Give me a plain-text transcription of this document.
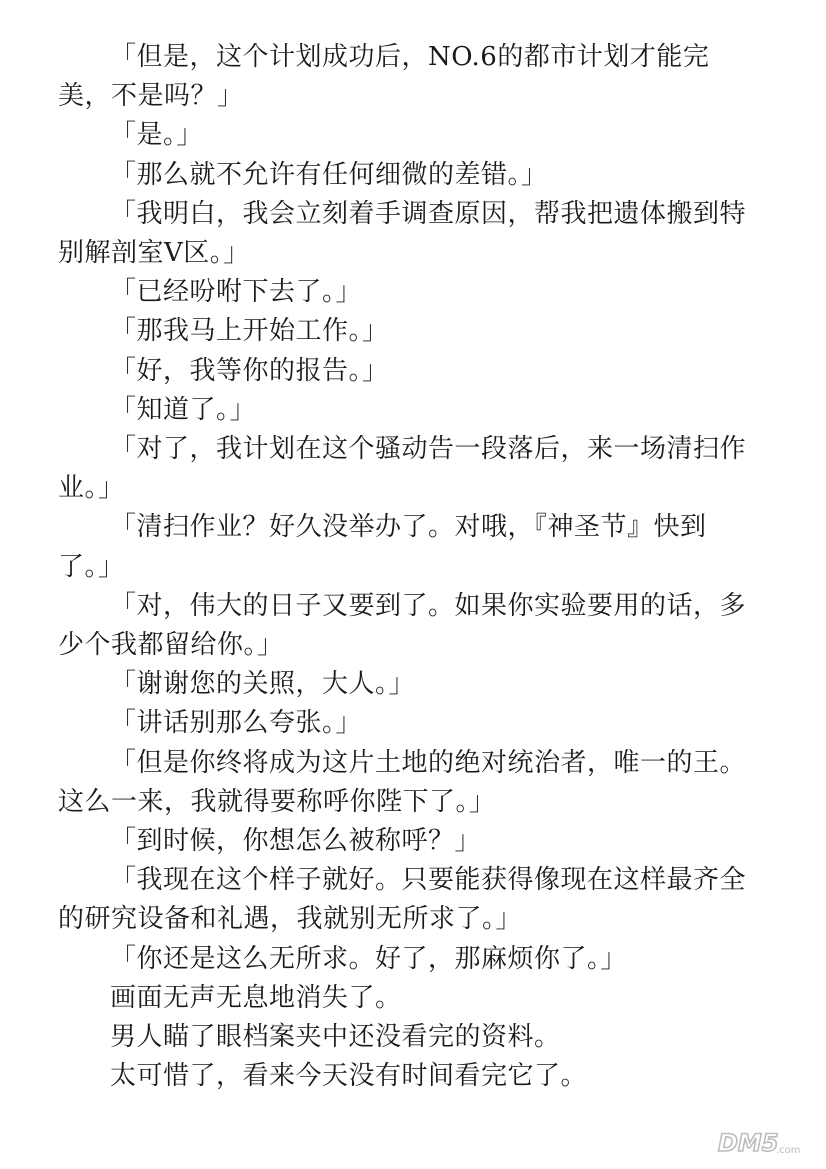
「但是，这个计划成功后，NO.6的都市计划才能完美，不是吗？」

「是。」

「那么就不允许有任何细微的差错。」

「我明白，我会立刻着手调查原因，帮我把遗体搬到特别解剖室V区。」

「已经吩咐下去了。」

「那我马上开始工作。」

「好，我等你的报告。」

「知道了。」

「对了，我计划在这个骚动告一段落后，来一场清扫作业。」

「清扫作业？好久没举办了。对哦，『神圣节』快到了。」

「对，伟大的日子又要到了。如果你实验要用的话，多少个我都留给你。」

「谢谢您的关照，大人。」

「讲话别那么夸张。」

「但是你终将成为这片土地的绝对统治者，唯一的王。这么一来，我就得要称呼你陛下了。」

「到时候，你想怎么被称呼？」

「我现在这个样子就好。只要能获得像现在这样最齐全的研究设备和礼遇，我就别无所求了。」

「你还是这么无所求。好了，那麻烦你了。」

画面无声无息地消失了。

男人瞄了眼档案夹中还没看完的资料。

太可惜了，看来今天没有时间看完它了。

DM5
.com
